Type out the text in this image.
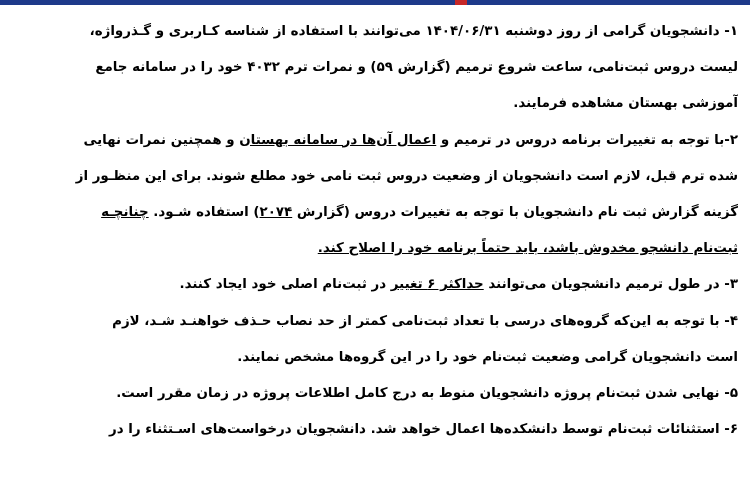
۱- دانشجویان گرامی از روز دوشنبه ۱۴۰۴/۰۶/۳۱ می‌توانند با استفاده از شناسه کـاربری و گـذرواژه،
لیست دروس ثبت‌نامی، ساعت شروع ترمیم (گزارش ۵۹) و نمرات ترم ۴۰۳۲ خود را در سامانه جامع
آموزشی بهستان مشاهده فرمایند.
۲-با توجه به تغییرات برنامه دروس در ترمیم و اعمال آن‌ها در سامانه بهستان و همچنین نمرات نهایی
شده ترم قبل، لازم است دانشجویان از وضعیت دروس ثبت نامی خود مطلع شوند. برای این منظـور از
گزینه گزارش ثبت نام دانشجویان با توجه به تغییرات دروس (گزارش ۲۰۷۴) استفاده شـود. چنانچـه
ثبت‌نام دانشجو مخدوش باشد، باید حتماً برنامه خود را اصلاح کند.
۳- در طول ترمیم دانشجویان می‌توانند حداکثر ۶ تغییر در ثبت‌نام اصلی خود ایجاد کنند.
۴- با توجه به این‌که گروه‌های درسی با تعداد ثبت‌نامی کمتر از حد نصاب حـذف خواهنـد شـد، لازم
است دانشجویان گرامی وضعیت ثبت‌نام خود را در این گروه‌ها مشخص نمایند.
۵- نهایی شدن ثبت‌نام پروژه دانشجویان منوط به درج کامل اطلاعات پروژه در زمان مقرر است.
۶- استثنائات ثبت‌نام توسط دانشکده‌ها اعمال خواهد شد. دانشجویان درخواست‌های اسـتثناء را در
